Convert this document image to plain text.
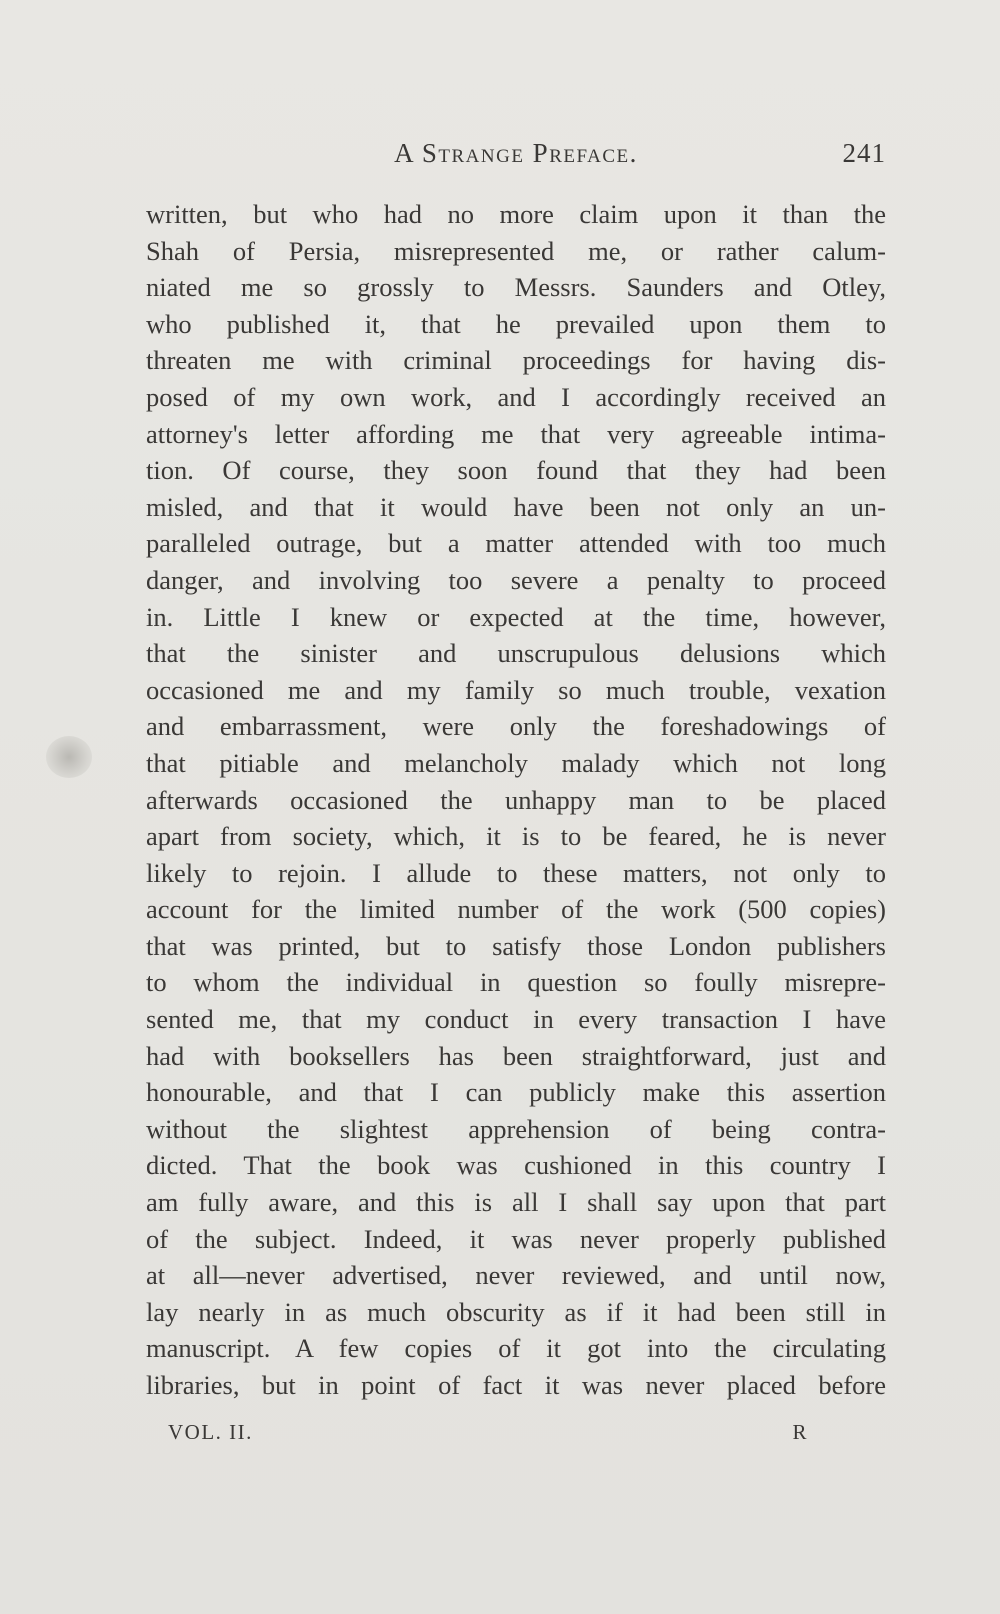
A Strange Preface.	241
written, but who had no more claim upon it than the
Shah of Persia, misrepresented me, or rather calum-
niated me so grossly to Messrs. Saunders and Otley,
who published it, that he prevailed upon them to
threaten me with criminal proceedings for having dis-
posed of my own work, and I accordingly received an
attorney's letter affording me that very agreeable intima-
tion. Of course, they soon found that they had been
misled, and that it would have been not only an un-
paralleled outrage, but a matter attended with too much
danger, and involving too severe a penalty to proceed
in. Little I knew or expected at the time, however,
that the sinister and unscrupulous delusions which
occasioned me and my family so much trouble, vexation
and embarrassment, were only the foreshadowings of
that pitiable and melancholy malady which not long
afterwards occasioned the unhappy man to be placed
apart from society, which, it is to be feared, he is never
likely to rejoin. I allude to these matters, not only to
account for the limited number of the work (500 copies)
that was printed, but to satisfy those London publishers
to whom the individual in question so foully misrepre-
sented me, that my conduct in every transaction I have
had with booksellers has been straightforward, just and
honourable, and that I can publicly make this assertion
without the slightest apprehension of being contra-
dicted. That the book was cushioned in this country I
am fully aware, and this is all I shall say upon that part
of the subject. Indeed, it was never properly published
at all—never advertised, never reviewed, and until now,
lay nearly in as much obscurity as if it had been still in
manuscript. A few copies of it got into the circulating
libraries, but in point of fact it was never placed before
VOL. II.	R
